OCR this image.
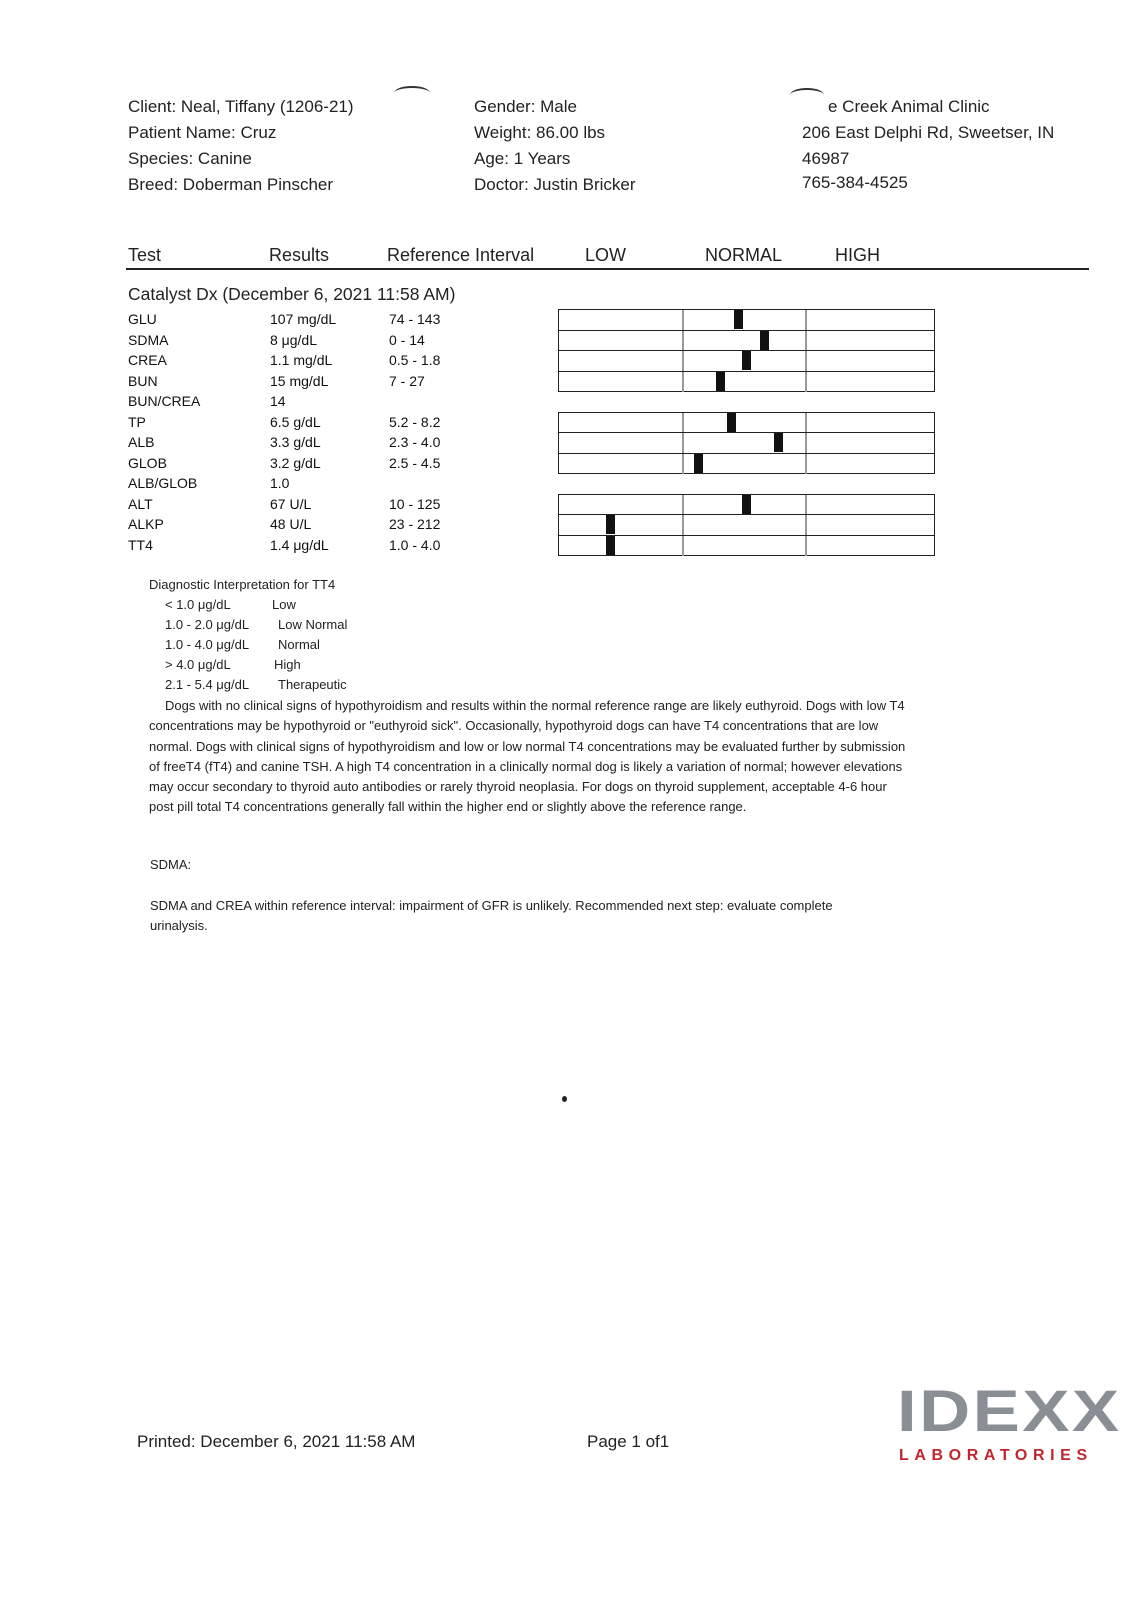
Client: Neal, Tiffany (1206-21)
Patient Name: Cruz
Species: Canine
Breed: Doberman Pinscher
Gender: Male
Weight: 86.00 lbs
Age: 1 Years
Doctor: Justin Bricker
e Creek Animal Clinic
206 East Delphi Rd, Sweetser, IN
46987
765-384-4525
Test	Results	Reference Interval	LOW	NORMAL	HIGH
Catalyst Dx (December 6, 2021 11:58 AM)
GLU	107 mg/dL	74 - 143
SDMA	8 μg/dL	0 - 14
CREA	1.1 mg/dL	0.5 - 1.8
BUN	15 mg/dL	7 - 27
BUN/CREA	14
TP	6.5 g/dL	5.2 - 8.2
ALB	3.3 g/dL	2.3 - 4.0
GLOB	3.2 g/dL	2.5 - 4.5
ALB/GLOB	1.0
ALT	67 U/L	10 - 125
ALKP	48 U/L	23 - 212
TT4	1.4 μg/dL	1.0 - 4.0
Diagnostic Interpretation for TT4
< 1.0 μg/dL	Low
1.0 - 2.0 μg/dL Low Normal
1.0 - 4.0 μg/dL Normal
> 4.0 μg/dL	High
2.1 - 5.4 μg/dL Therapeutic
Dogs with no clinical signs of hypothyroidism and results within the normal reference range are likely euthyroid. Dogs with low T4 concentrations may be hypothyroid or "euthyroid sick". Occasionally, hypothyroid dogs can have T4 concentrations that are low normal. Dogs with clinical signs of hypothyroidism and low or low normal T4 concentrations may be evaluated further by submission of freeT4 (fT4) and canine TSH. A high T4 concentration in a clinically normal dog is likely a variation of normal; however elevations may occur secondary to thyroid auto antibodies or rarely thyroid neoplasia. For dogs on thyroid supplement, acceptable 4-6 hour post pill total T4 concentrations generally fall within the higher end or slightly above the reference range.
SDMA:
SDMA and CREA within reference interval: impairment of GFR is unlikely. Recommended next step: evaluate complete urinalysis.
Printed: December 6, 2021 11:58 AM	Page 1 of1	IDEXX
LABORATORIES
